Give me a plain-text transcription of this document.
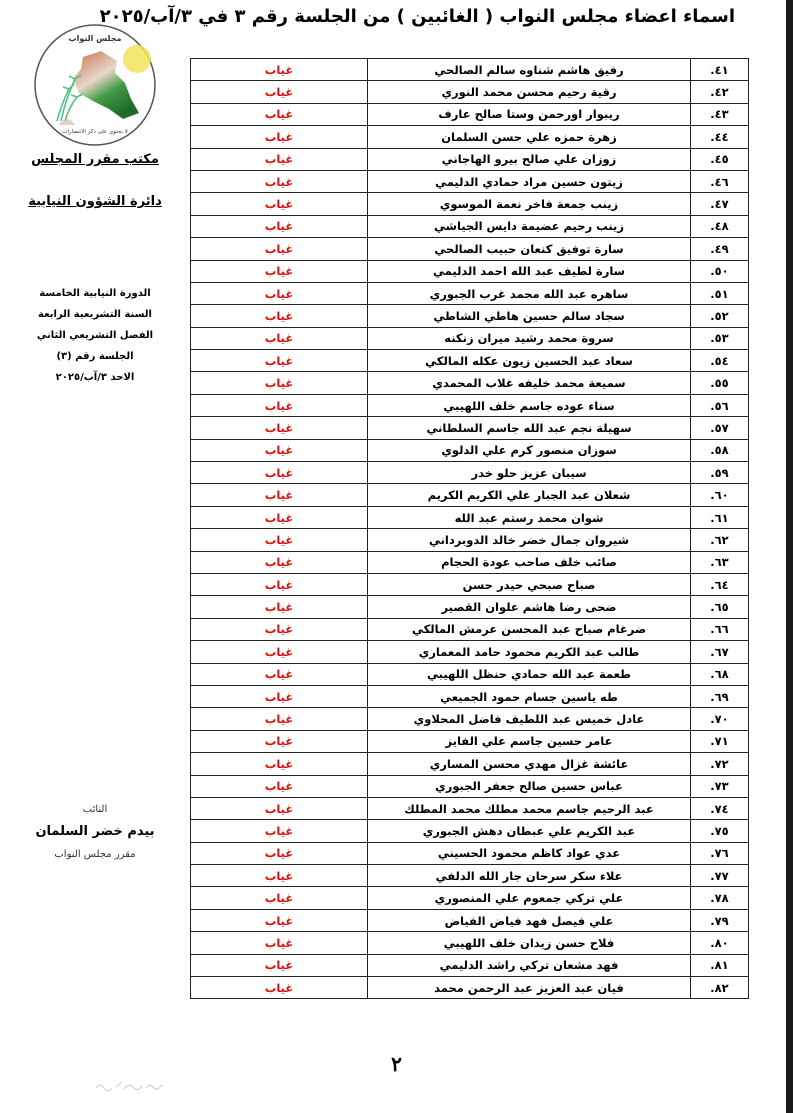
اسماء اعضاء مجلس النواب ( الغائبين ) من الجلسة رقم ٣ في ٣/آب/٢٠٢٥
مجلس النواب
لا تحتوي على ذكر الانتصارات
مكتب مقرر المجلس
دائرة الشؤون النيابية
الدورة النيابية الخامسة
السنة التشريعية الرابعة
الفصل التشريعي الثاني
الجلسة رقم (٣)
الاحد ٣/آب/٢٠٢٥
النائب
بيدم خضر السلمان
مقرر مجلس النواب
٤١.	رفيق هاشم شناوه سالم الصالحي	غياب
٤٢.	رقية رحيم محسن محمد النوري	غياب
٤٣.	ريبوار اورحمن وستا صالح عارف	غياب
٤٤.	زهرة حمزه علي حسن السلمان	غياب
٤٥.	زوزان علي صالح بيرو الهاجاني	غياب
٤٦.	زيتون حسين مراد حمادي الدليمي	غياب
٤٧.	زينب جمعة فاخر نعمة الموسوي	غياب
٤٨.	زينب رحيم عضيمة دايس الجياشي	غياب
٤٩.	سارة توفيق كنعان حبيب الصالحي	غياب
٥٠.	سارة لطيف عبد الله احمد الدليمي	غياب
٥١.	ساهره عبد الله محمد غرب الجبوري	غياب
٥٢.	سجاد سالم حسين هاطي الشاطي	غياب
٥٣.	سروة محمد رشيد ميران زنكنه	غياب
٥٤.	سعاد عبد الحسين زيون عكله المالكي	غياب
٥٥.	سميعة محمد خليفه غلاب المحمدي	غياب
٥٦.	سناء عوده جاسم خلف اللهيبي	غياب
٥٧.	سهيلة نجم عبد الله جاسم السلطاني	غياب
٥٨.	سوزان منصور كرم علي الدلوي	غياب
٥٩.	سيبان عزيز حلو خدر	غياب
٦٠.	شعلان عبد الجبار علي الكريم الكريم	غياب
٦١.	شوان محمد رستم عبد الله	غياب
٦٢.	شيروان جمال خضر خالد الدوبرداني	غياب
٦٣.	صائب خلف صاحب عودة الحجام	غياب
٦٤.	صباح صبحي حيدر حسن	غياب
٦٥.	ضحى رضا هاشم علوان القصير	غياب
٦٦.	ضرغام صباح عبد المحسن عرمش المالكي	غياب
٦٧.	طالب عبد الكريم محمود حامد المعماري	غياب
٦٨.	طعمة عبد الله حمادي حنظل اللهيبي	غياب
٦٩.	طه ياسين جسام حمود الجميعي	غياب
٧٠.	عادل خميس عبد اللطيف فاضل المحلاوي	غياب
٧١.	عامر حسين جاسم علي الفايز	غياب
٧٢.	عائشة غزال مهدي محسن المساري	غياب
٧٣.	عباس حسين صالح جعفر الجبوري	غياب
٧٤.	عبد الرحيم جاسم محمد مطلك محمد المطلك	غياب
٧٥.	عبد الكريم علي عبطان دهش الجبوري	غياب
٧٦.	عدي عواد كاظم محمود الحسيني	غياب
٧٧.	علاء سكر سرحان جار الله الدلفي	غياب
٧٨.	علي تركي جمعوم علي المنصوري	غياب
٧٩.	علي فيصل فهد فياض الفياض	غياب
٨٠.	فلاح حسن زيدان خلف اللهيبي	غياب
٨١.	فهد مشعان تركي راشد الدليمي	غياب
٨٢.	فيان عبد العزيز عبد الرحمن محمد	غياب
٢
